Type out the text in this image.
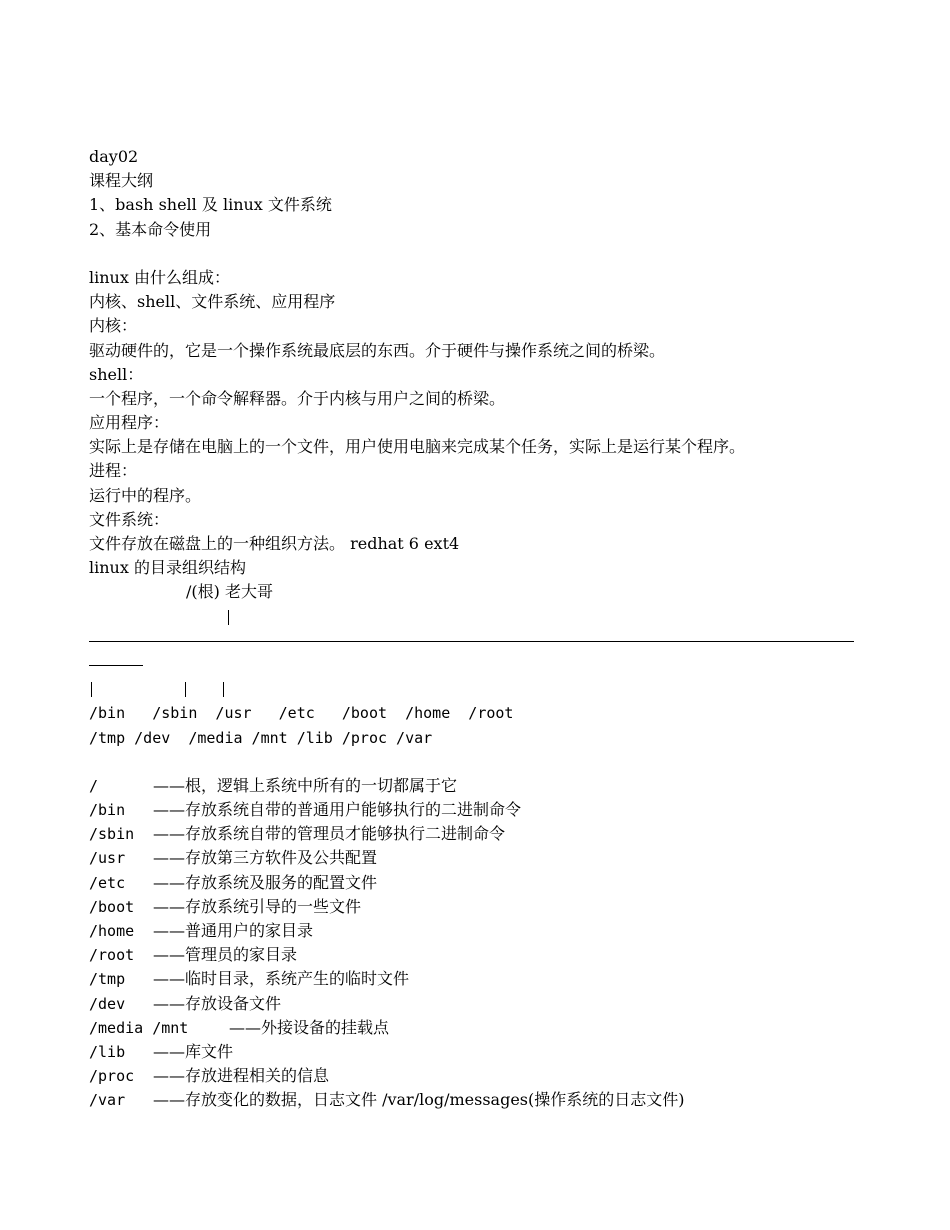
day02
课程大纲
1、bash shell 及 linux 文件系统
2、基本命令使用
linux 由什么组成：
内核、shell、文件系统、应用程序
内核：
驱动硬件的，它是一个操作系统最底层的东西。介于硬件与操作系统之间的桥梁。
shell：
一个程序，一个命令解释器。介于内核与用户之间的桥梁。
应用程序：
实际上是存储在电脑上的一个文件，用户使用电脑来完成某个任务，实际上是运行某个程序。
进程：
运行中的程序。
文件系统：
文件存放在磁盘上的一种组织方法。 redhat 6 ext4
linux 的目录组织结构
/(根) 老大哥
/bin   /sbin  /usr   /etc   /boot  /home  /root
/tmp /dev  /media /mnt /lib /proc /var
/	——根，逻辑上系统中所有的一切都属于它
/bin ——存放系统自带的普通用户能够执行的二进制命令
/sbin ——存放系统自带的管理员才能够执行二进制命令
/usr ——存放第三方软件及公共配置
/etc ——存放系统及服务的配置文件
/boot ——存放系统引导的一些文件
/home ——普通用户的家目录
/root ——管理员的家目录
/tmp ——临时目录，系统产生的临时文件
/dev ——存放设备文件
/media /mnt	——外接设备的挂载点
/lib ——库文件
/proc ——存放进程相关的信息
/var ——存放变化的数据，日志文件 /var/log/messages(操作系统的日志文件)
